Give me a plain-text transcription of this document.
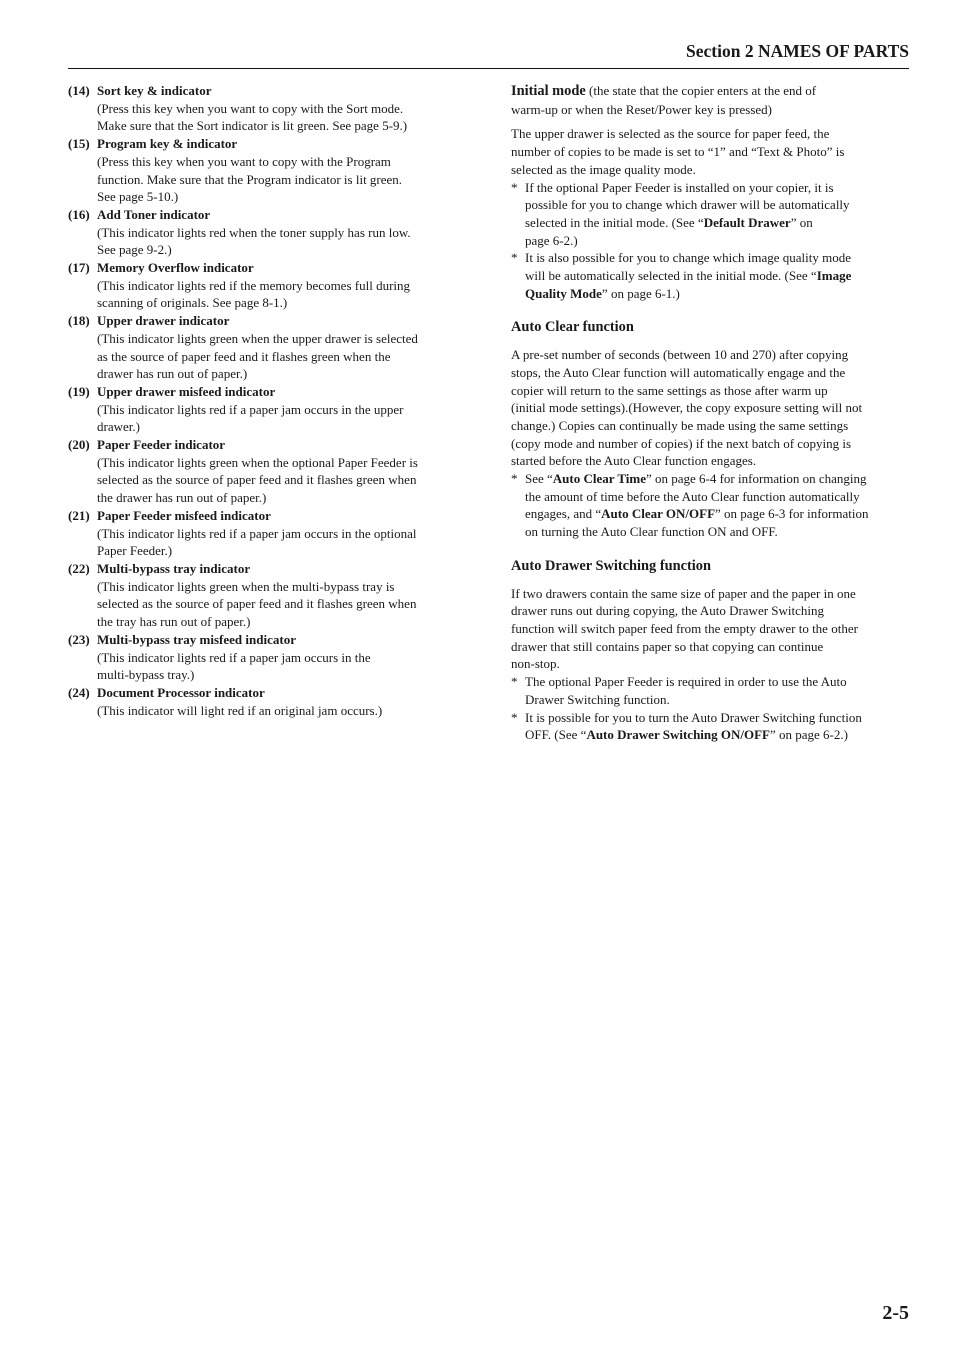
Section 2 NAMES OF PARTS
(14) Sort key & indicator
(Press this key when you want to copy with the Sort mode.
Make sure that the Sort indicator is lit green. See page 5-9.)
(15) Program key & indicator
(Press this key when you want to copy with the Program
function. Make sure that the Program indicator is lit green.
See page 5-10.)
(16) Add Toner indicator
(This indicator lights red when the toner supply has run low.
See page 9-2.)
(17) Memory Overflow indicator
(This indicator lights red if the memory becomes full during
scanning of originals. See page 8-1.)
(18) Upper drawer indicator
(This indicator lights green when the upper drawer is selected
as the source of paper feed and it flashes green when the
drawer has run out of paper.)
(19) Upper drawer misfeed indicator
(This indicator lights red if a paper jam occurs in the upper
drawer.)
(20) Paper Feeder indicator
(This indicator lights green when the optional Paper Feeder is
selected as the source of paper feed and it flashes green when
the drawer has run out of paper.)
(21) Paper Feeder misfeed indicator
(This indicator lights red if a paper jam occurs in the optional
Paper Feeder.)
(22) Multi-bypass tray indicator
(This indicator lights green when the multi-bypass tray is
selected as the source of paper feed and it flashes green when
the tray has run out of paper.)
(23) Multi-bypass tray misfeed indicator
(This indicator lights red if a paper jam occurs in the
multi-bypass tray.)
(24) Document Processor indicator
(This indicator will light red if an original jam occurs.)
Initial mode (the state that the copier enters at the end of
warm-up or when the Reset/Power key is pressed)
The upper drawer is selected as the source for paper feed, the
number of copies to be made is set to “1” and “Text & Photo” is
selected as the image quality mode.
* If the optional Paper Feeder is installed on your copier, it is
possible for you to change which drawer will be automatically
selected in the initial mode. (See “Default Drawer” on
page 6-2.)
* It is also possible for you to change which image quality mode
will be automatically selected in the initial mode. (See “Image
Quality Mode” on page 6-1.)
Auto Clear function
A pre-set number of seconds (between 10 and 270) after copying
stops, the Auto Clear function will automatically engage and the
copier will return to the same settings as those after warm up
(initial mode settings).(However, the copy exposure setting will not
change.) Copies can continually be made using the same settings
(copy mode and number of copies) if the next batch of copying is
started before the Auto Clear function engages.
* See “Auto Clear Time” on page 6-4 for information on changing
the amount of time before the Auto Clear function automatically
engages, and “Auto Clear ON/OFF” on page 6-3 for information
on turning the Auto Clear function ON and OFF.
Auto Drawer Switching function
If two drawers contain the same size of paper and the paper in one
drawer runs out during copying, the Auto Drawer Switching
function will switch paper feed from the empty drawer to the other
drawer that still contains paper so that copying can continue
non-stop.
* The optional Paper Feeder is required in order to use the Auto
Drawer Switching function.
* It is possible for you to turn the Auto Drawer Switching function
OFF. (See “Auto Drawer Switching ON/OFF” on page 6-2.)
2-5
